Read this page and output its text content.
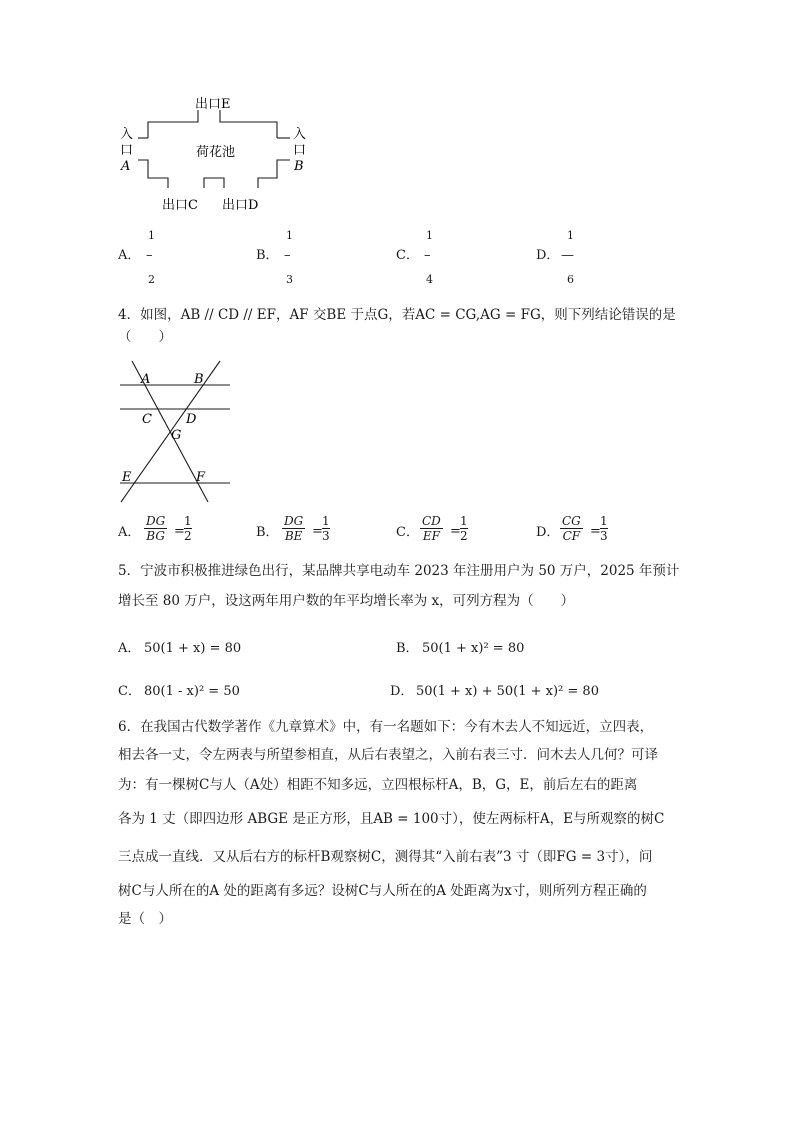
出口E
入
口
A
入
口
B
荷花池
出口C 出口D
A．
1
–
2
B．
1
–
3
C．
1
–
4
D．
1
—
6
4．如图，AB // CD // EF，AF 交BE 于点G，若AC = CG,AG = FG，则下列结论错误的是
（　　）
A	B
C	D
G
E	F
A．
DG
BG =
1
2	B．
DG
BE =
1
3	C．
CD
EF =
1
2	D．
CG
CF =
1
3
5．宁波市积极推进绿色出行，某品牌共享电动车 2023 年注册用户为 50 万户，2025 年预计
增长至 80 万户，设这两年用户数的年平均增长率为 x，可列方程为（　　）
A． 50(1 + x) = 80	B． 50(1 + x)² = 80
C． 80(1 - x)² = 50	D． 50(1 + x) + 50(1 + x)² = 80
6．在我国古代数学著作《九章算术》中，有一名题如下：今有木去人不知远近，立四表，
相去各一丈，令左两表与所望参相直，从后右表望之，入前右表三寸．问木去人几何？可译
为：有一棵树C与人（A处）相距不知多远，立四根标杆A，B，G，E，前后左右的距离
各为 1 丈（即四边形 ABGE 是正方形，且AB = 100寸），使左两标杆A，E与所观察的树C
三点成一直线．又从后右方的标杆B观察树C，测得其“入前右表”3 寸（即FG = 3寸），问
树C与人所在的A 处的距离有多远？设树C与人所在的A 处距离为x寸，则所列方程正确的
是（　）
